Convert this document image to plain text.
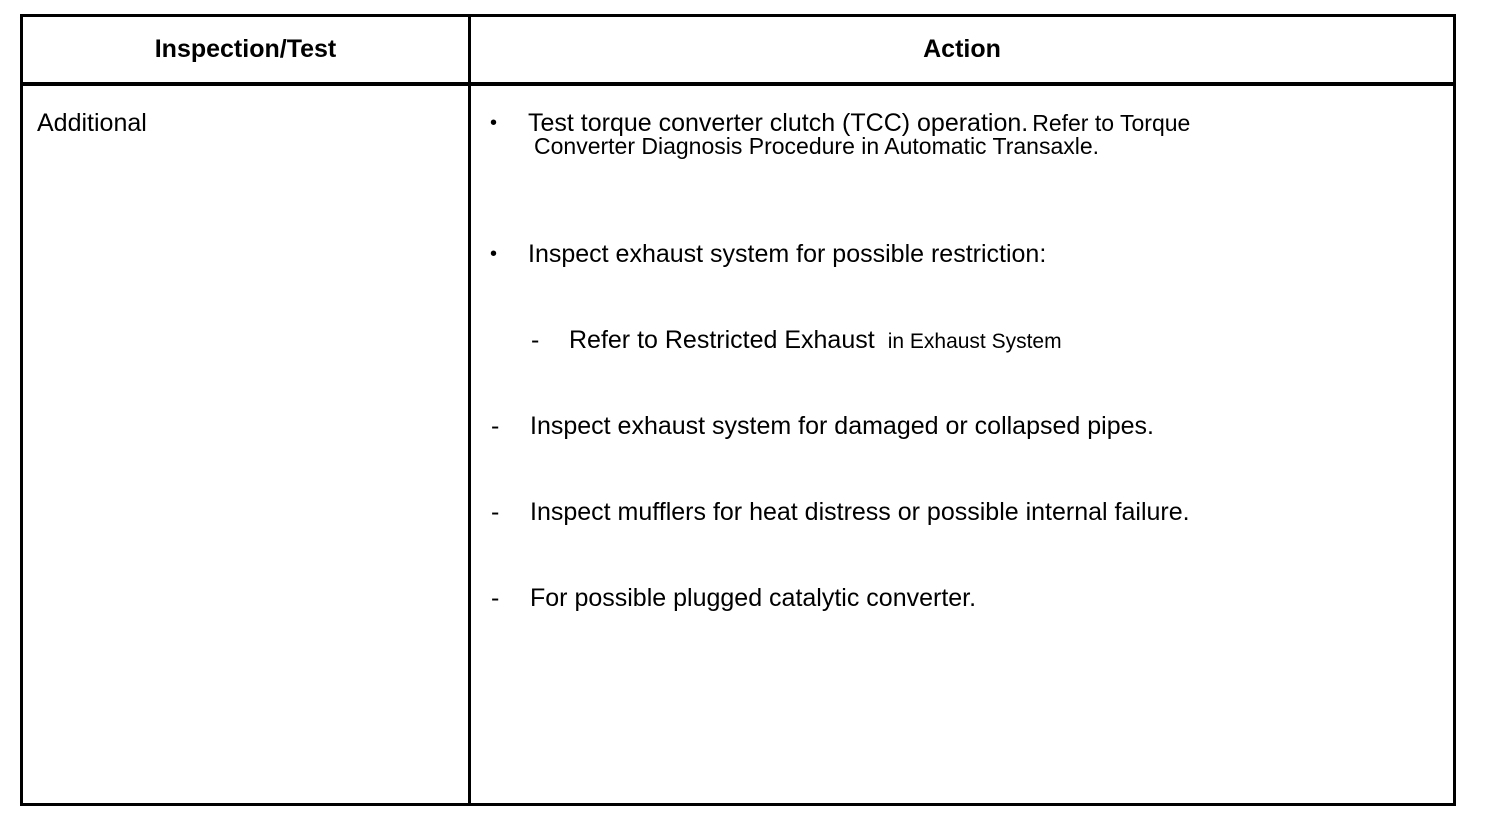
Inspection/Test	Action
Additional	• Test torque converter clutch (TCC) operation. Refer to Torque
Converter Diagnosis Procedure in Automatic Transaxle.
• Inspect exhaust system for possible restriction:
- Refer to Restricted Exhaust in Exhaust System
- Inspect exhaust system for damaged or collapsed pipes.
- Inspect mufflers for heat distress or possible internal failure.
- For possible plugged catalytic converter.
